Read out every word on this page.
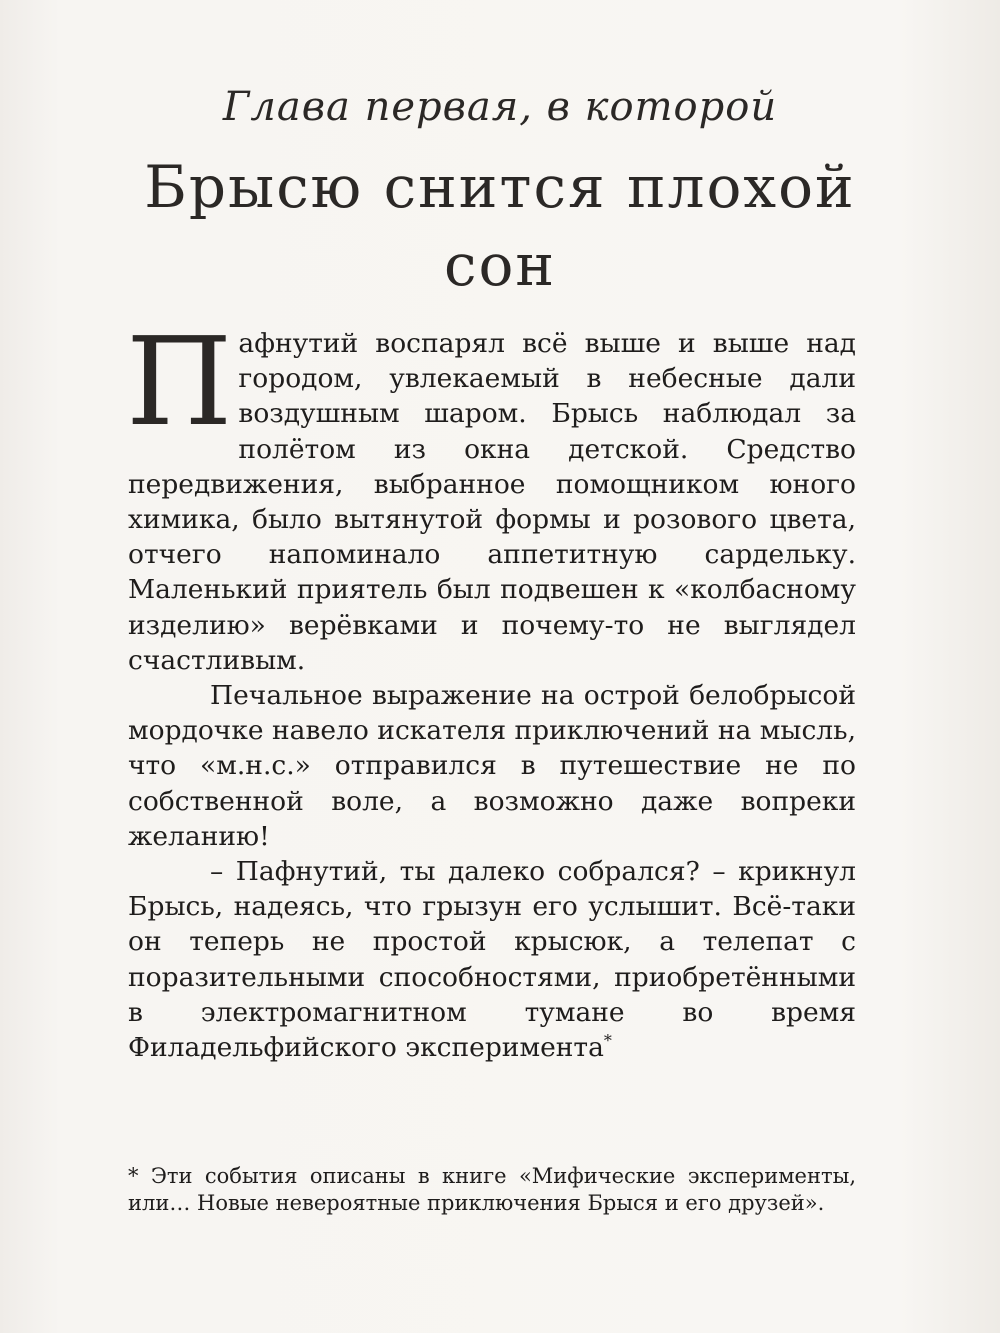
Глава первая, в которой
Брысю снится плохой сон

Пафнутий воспарял всё выше и выше над городом, увлекаемый в небесные дали воздушным шаром. Брысь наблюдал за полётом из окна детской. Средство передвижения, выбранное помощником юного химика, было вытянутой формы и розового цвета, отчего напоминало аппетитную сардельку. Маленький приятель был подвешен к «колбасному изделию» верёвками и почему-то не выглядел счастливым.

Печальное выражение на острой белобрысой мордочке навело искателя приключений на мысль, что «м.н.с.» отправился в путешествие не по собственной воле, а возможно даже вопреки желанию!

– Пафнутий, ты далеко собрался? – крикнул Брысь, надеясь, что грызун его услышит. Всё-таки он теперь не простой крысюк, а телепат с поразительными способностями, приобретёнными в электромагнитном тумане во время Филадельфийского эксперимента*

* Эти события описаны в книге «Мифические эксперименты, или… Новые невероятные приключения Брыся и его друзей».
